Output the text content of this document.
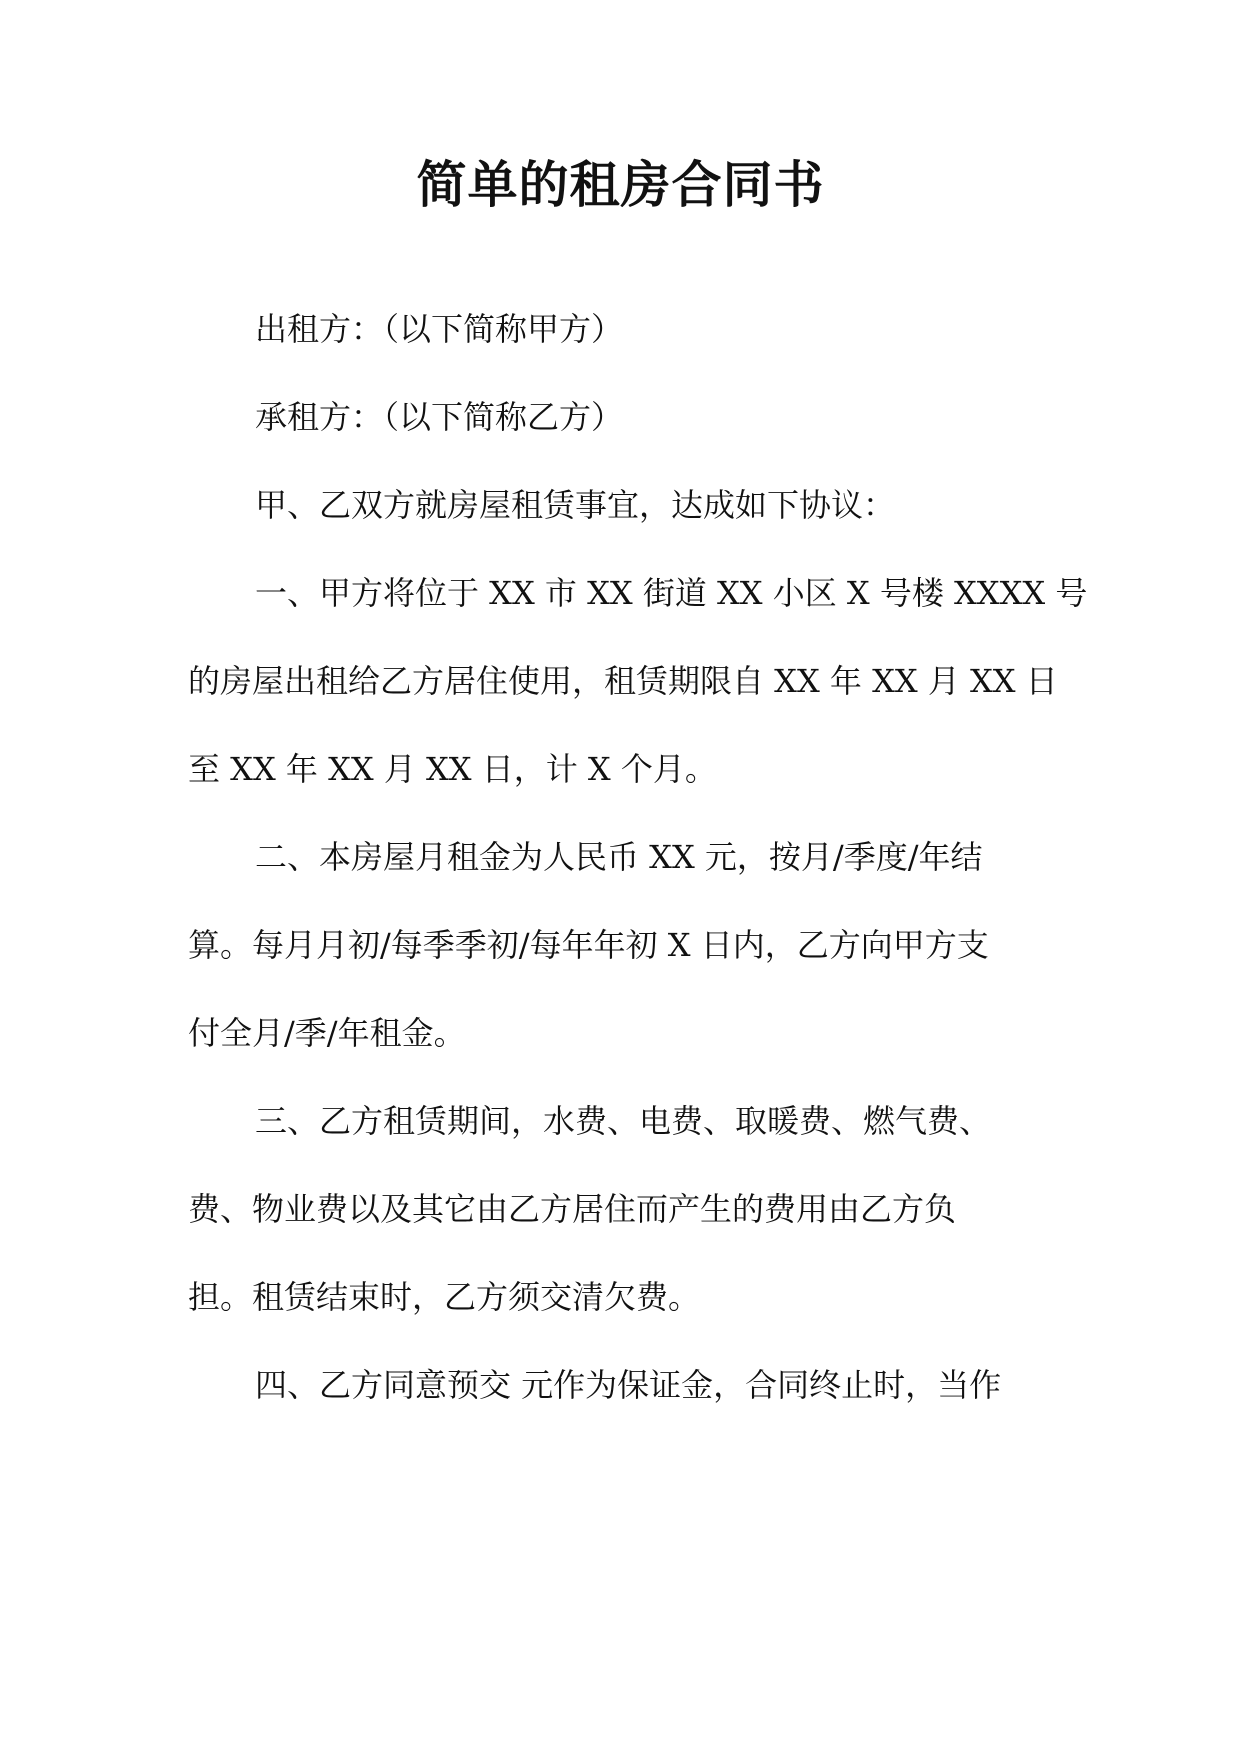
简单的租房合同书
出租方：（以下简称甲方）
承租方：（以下简称乙方）
甲、乙双方就房屋租赁事宜，达成如下协议：
一、甲方将位于 XX 市 XX 街道 XX 小区 X 号楼 XXXX 号
的房屋出租给乙方居住使用，租赁期限自 XX 年 XX 月 XX 日
至 XX 年 XX 月 XX 日，计 X 个月。
二、本房屋月租金为人民币 XX 元，按月/季度/年结
算。每月月初/每季季初/每年年初 X 日内，乙方向甲方支
付全月/季/年租金。
三、乙方租赁期间，水费、电费、取暖费、燃气费、
费、物业费以及其它由乙方居住而产生的费用由乙方负
担。租赁结束时，乙方须交清欠费。
四、乙方同意预交 元作为保证金，合同终止时，当作
